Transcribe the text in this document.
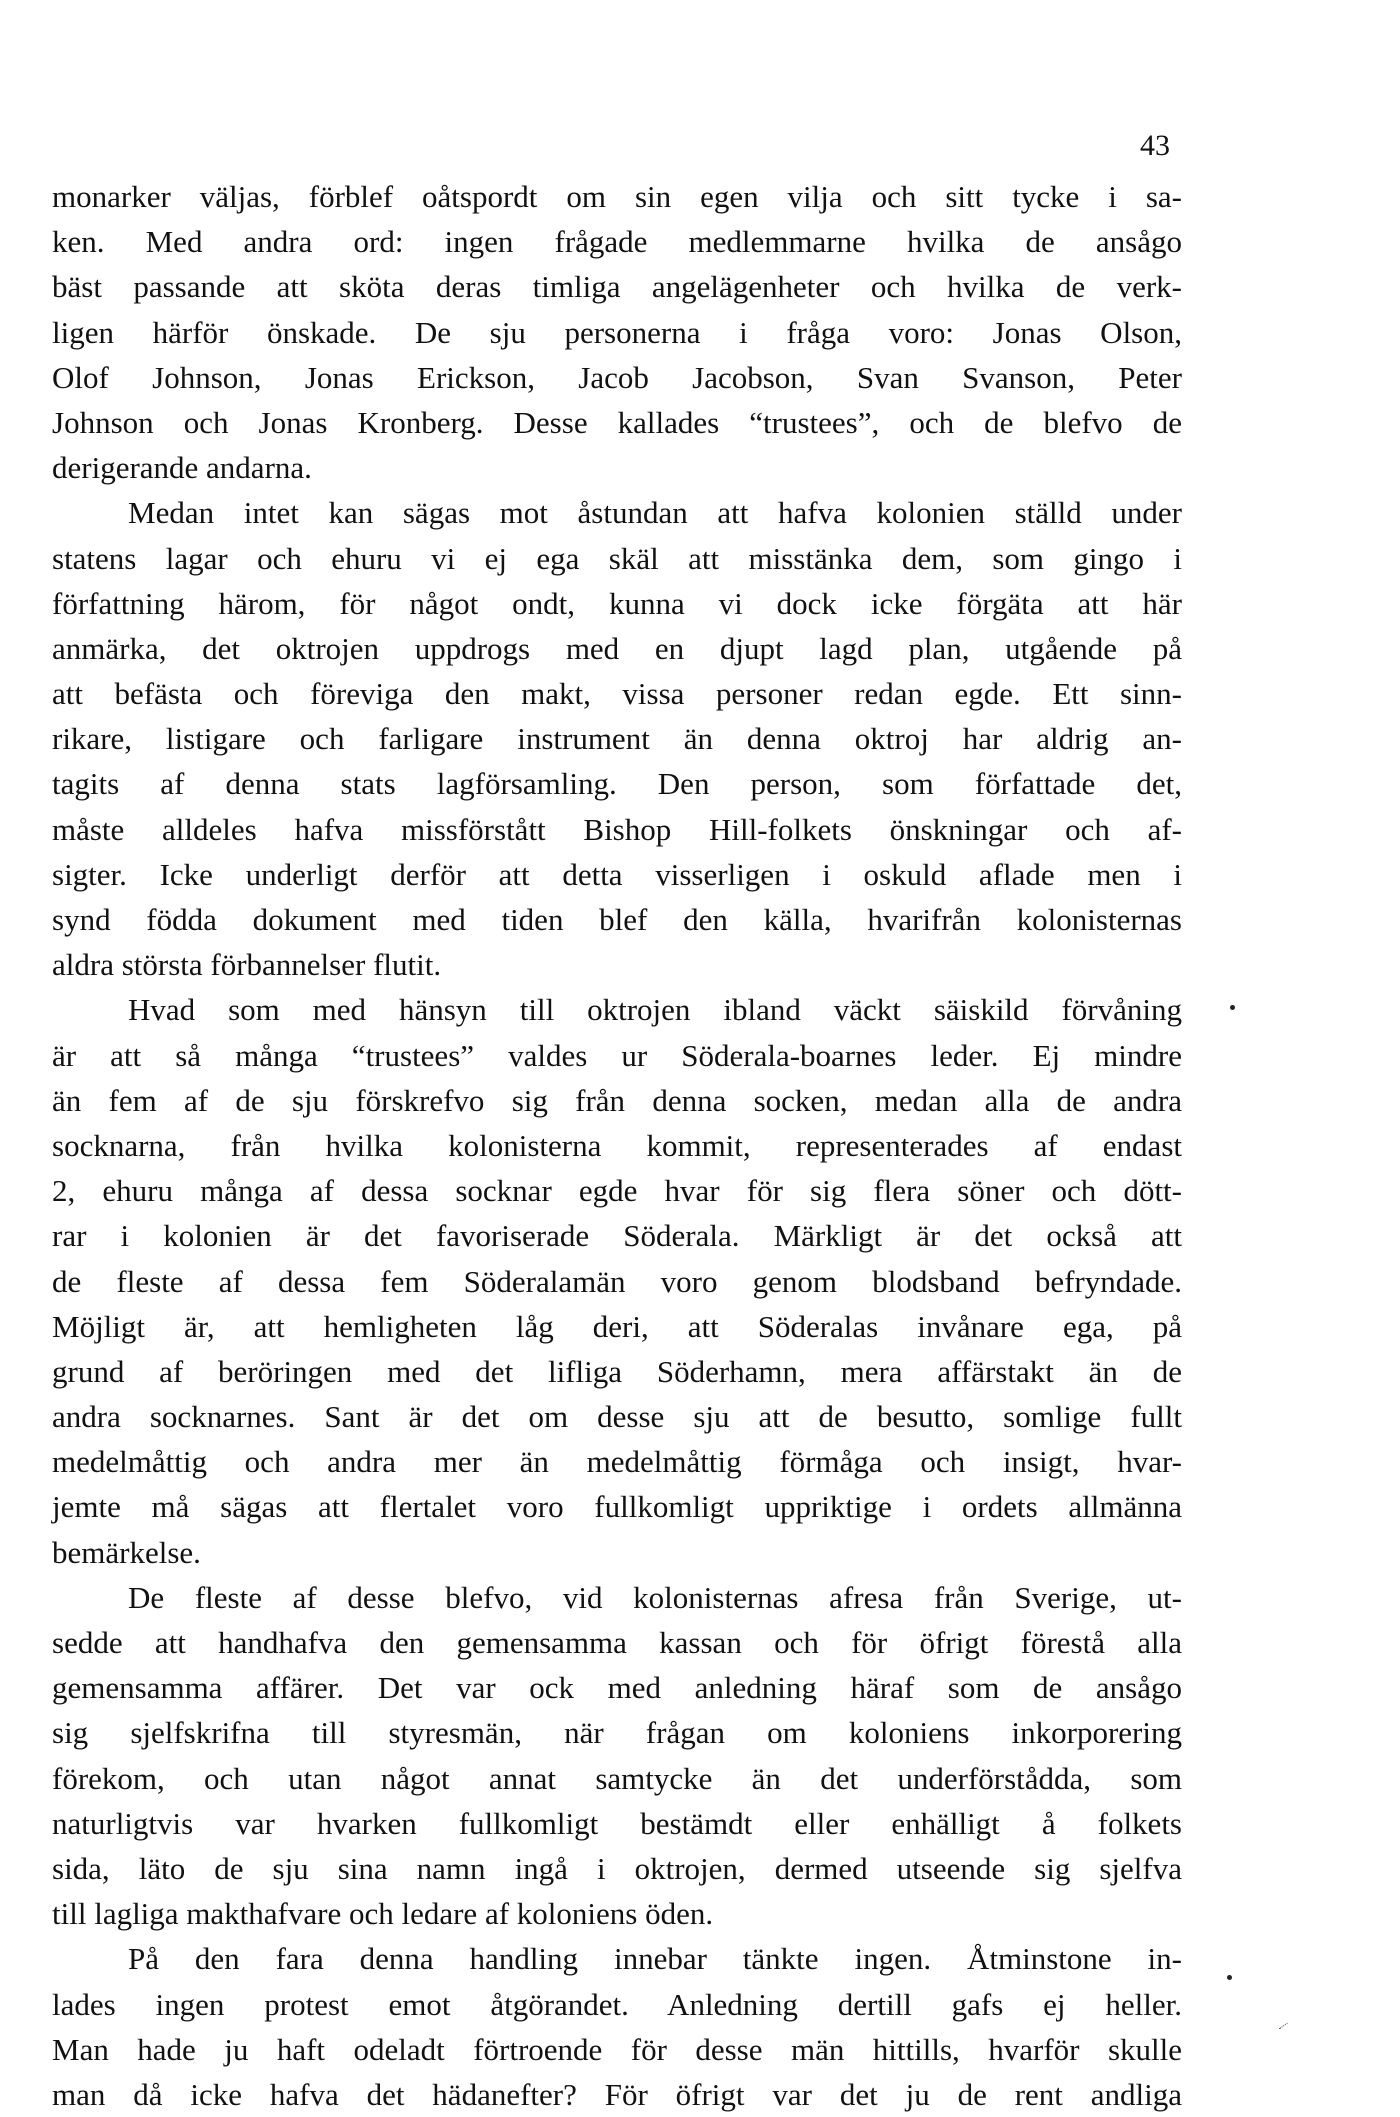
43
monarker väljas, förblef oåtspordt om sin egen vilja och sitt tycke i sa-
ken. Med andra ord: ingen frågade medlemmarne hvilka de ansågo
bäst passande att sköta deras timliga angelägenheter och hvilka de verk-
ligen härför önskade. De sju personerna i fråga voro: Jonas Olson,
Olof Johnson, Jonas Erickson, Jacob Jacobson, Svan Svanson, Peter
Johnson och Jonas Kronberg. Desse kallades “trustees”, och de blefvo de
derigerande andarna.
Medan intet kan sägas mot åstundan att hafva kolonien ställd under
statens lagar och ehuru vi ej ega skäl att misstänka dem, som gingo i
författning härom, för något ondt, kunna vi dock icke förgäta att här
anmärka, det oktrojen uppdrogs med en djupt lagd plan, utgående på
att befästa och föreviga den makt, vissa personer redan egde. Ett sinn-
rikare, listigare och farligare instrument än denna oktroj har aldrig an-
tagits af denna stats lagförsamling. Den person, som författade det,
måste alldeles hafva missförstått Bishop Hill-folkets önskningar och af-
sigter. Icke underligt derför att detta visserligen i oskuld aflade men i
synd födda dokument med tiden blef den källa, hvarifrån kolonisternas
aldra största förbannelser flutit.
Hvad som med hänsyn till oktrojen ibland väckt säiskild förvåning
är att så många “trustees” valdes ur Söderala-boarnes leder. Ej mindre
än fem af de sju förskrefvo sig från denna socken, medan alla de andra
socknarna, från hvilka kolonisterna kommit, representerades af endast
2, ehuru många af dessa socknar egde hvar för sig flera söner och dött-
rar i kolonien är det favoriserade Söderala. Märkligt är det också att
de fleste af dessa fem Söderalamän voro genom blodsband befryndade.
Möjligt är, att hemligheten låg deri, att Söderalas invånare ega, på
grund af beröringen med det lifliga Söderhamn, mera affärstakt än de
andra socknarnes. Sant är det om desse sju att de besutto, somlige fullt
medelmåttig och andra mer än medelmåttig förmåga och insigt, hvar-
jemte må sägas att flertalet voro fullkomligt uppriktige i ordets allmänna
bemärkelse.
De fleste af desse blefvo, vid kolonisternas afresa från Sverige, ut-
sedde att handhafva den gemensamma kassan och för öfrigt förestå alla
gemensamma affärer. Det var ock med anledning häraf som de ansågo
sig sjelfskrifna till styresmän, när frågan om koloniens inkorporering
förekom, och utan något annat samtycke än det underförstådda, som
naturligtvis var hvarken fullkomligt bestämdt eller enhälligt å folkets
sida, läto de sju sina namn ingå i oktrojen, dermed utseende sig sjelfva
till lagliga makthafvare och ledare af koloniens öden.
På den fara denna handling innebar tänkte ingen. Åtminstone in-
lades ingen protest emot åtgörandet. Anledning dertill gafs ej heller.
Man hade ju haft odeladt förtroende för desse män hittills, hvarför skulle
man då icke hafva det hädanefter? För öfrigt var det ju de rent andliga
